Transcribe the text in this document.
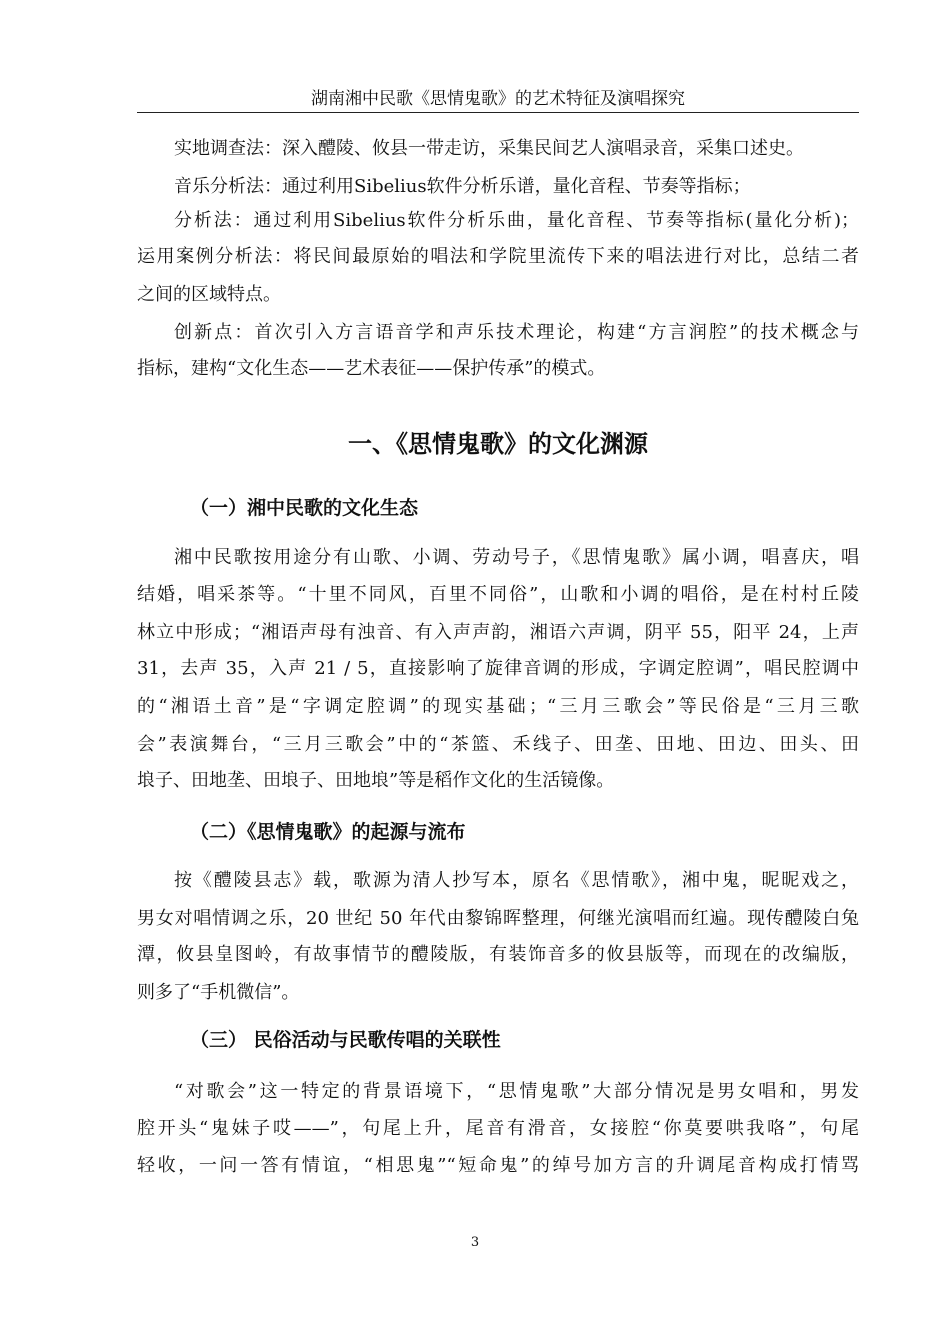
湖南湘中民歌《思情鬼歌》的艺术特征及演唱探究
实地调查法：深入醴陵、攸县一带走访，采集民间艺人演唱录音，采集口述史。
音乐分析法：通过利用Sibelius软件分析乐谱，量化音程、节奏等指标；
分析法：通过利用Sibelius软件分析乐曲，量化音程、节奏等指标(量化分析)；
运用案例分析法：将民间最原始的唱法和学院里流传下来的唱法进行对比，总结二者
之间的区域特点。
创新点：首次引入方言语音学和声乐技术理论，构建“方言润腔”的技术概念与
指标，建构“文化生态——艺术表征——保护传承”的模式。
一、《思情鬼歌》的文化渊源
（一）湘中民歌的文化生态
湘中民歌按用途分有山歌、小调、劳动号子，《思情鬼歌》属小调，唱喜庆，唱
结婚，唱采茶等。“十里不同风，百里不同俗”，山歌和小调的唱俗，是在村村丘陵
林立中形成；“湘语声母有浊音、有入声声韵，湘语六声调，阴平 55，阳平 24，上声
31，去声 35，入声 21 / 5，直接影响了旋律音调的形成，字调定腔调”，唱民腔调中
的“湘语土音”是“字调定腔调”的现实基础；“三月三歌会”等民俗是“三月三歌
会”表演舞台，“三月三歌会”中的“茶篮、禾线子、田垄、田地、田边、田头、田
埌子、田地垄、田埌子、田地埌”等是稻作文化的生活镜像。
（二）《思情鬼歌》的起源与流布
按《醴陵县志》载，歌源为清人抄写本，原名《思情歌》，湘中鬼，昵昵戏之，
男女对唱情调之乐，20 世纪 50 年代由黎锦晖整理，何继光演唱而红遍。现传醴陵白兔
潭，攸县皇图岭，有故事情节的醴陵版，有装饰音多的攸县版等，而现在的改编版，
则多了“手机微信”。
（三） 民俗活动与民歌传唱的关联性
“对歌会”这一特定的背景语境下，“思情鬼歌”大部分情况是男女唱和，男发
腔开头“鬼妹子哎——”，句尾上升，尾音有滑音，女接腔“你莫要哄我咯”，句尾
轻收，一问一答有情谊，“相思鬼”“短命鬼”的绰号加方言的升调尾音构成打情骂
3
